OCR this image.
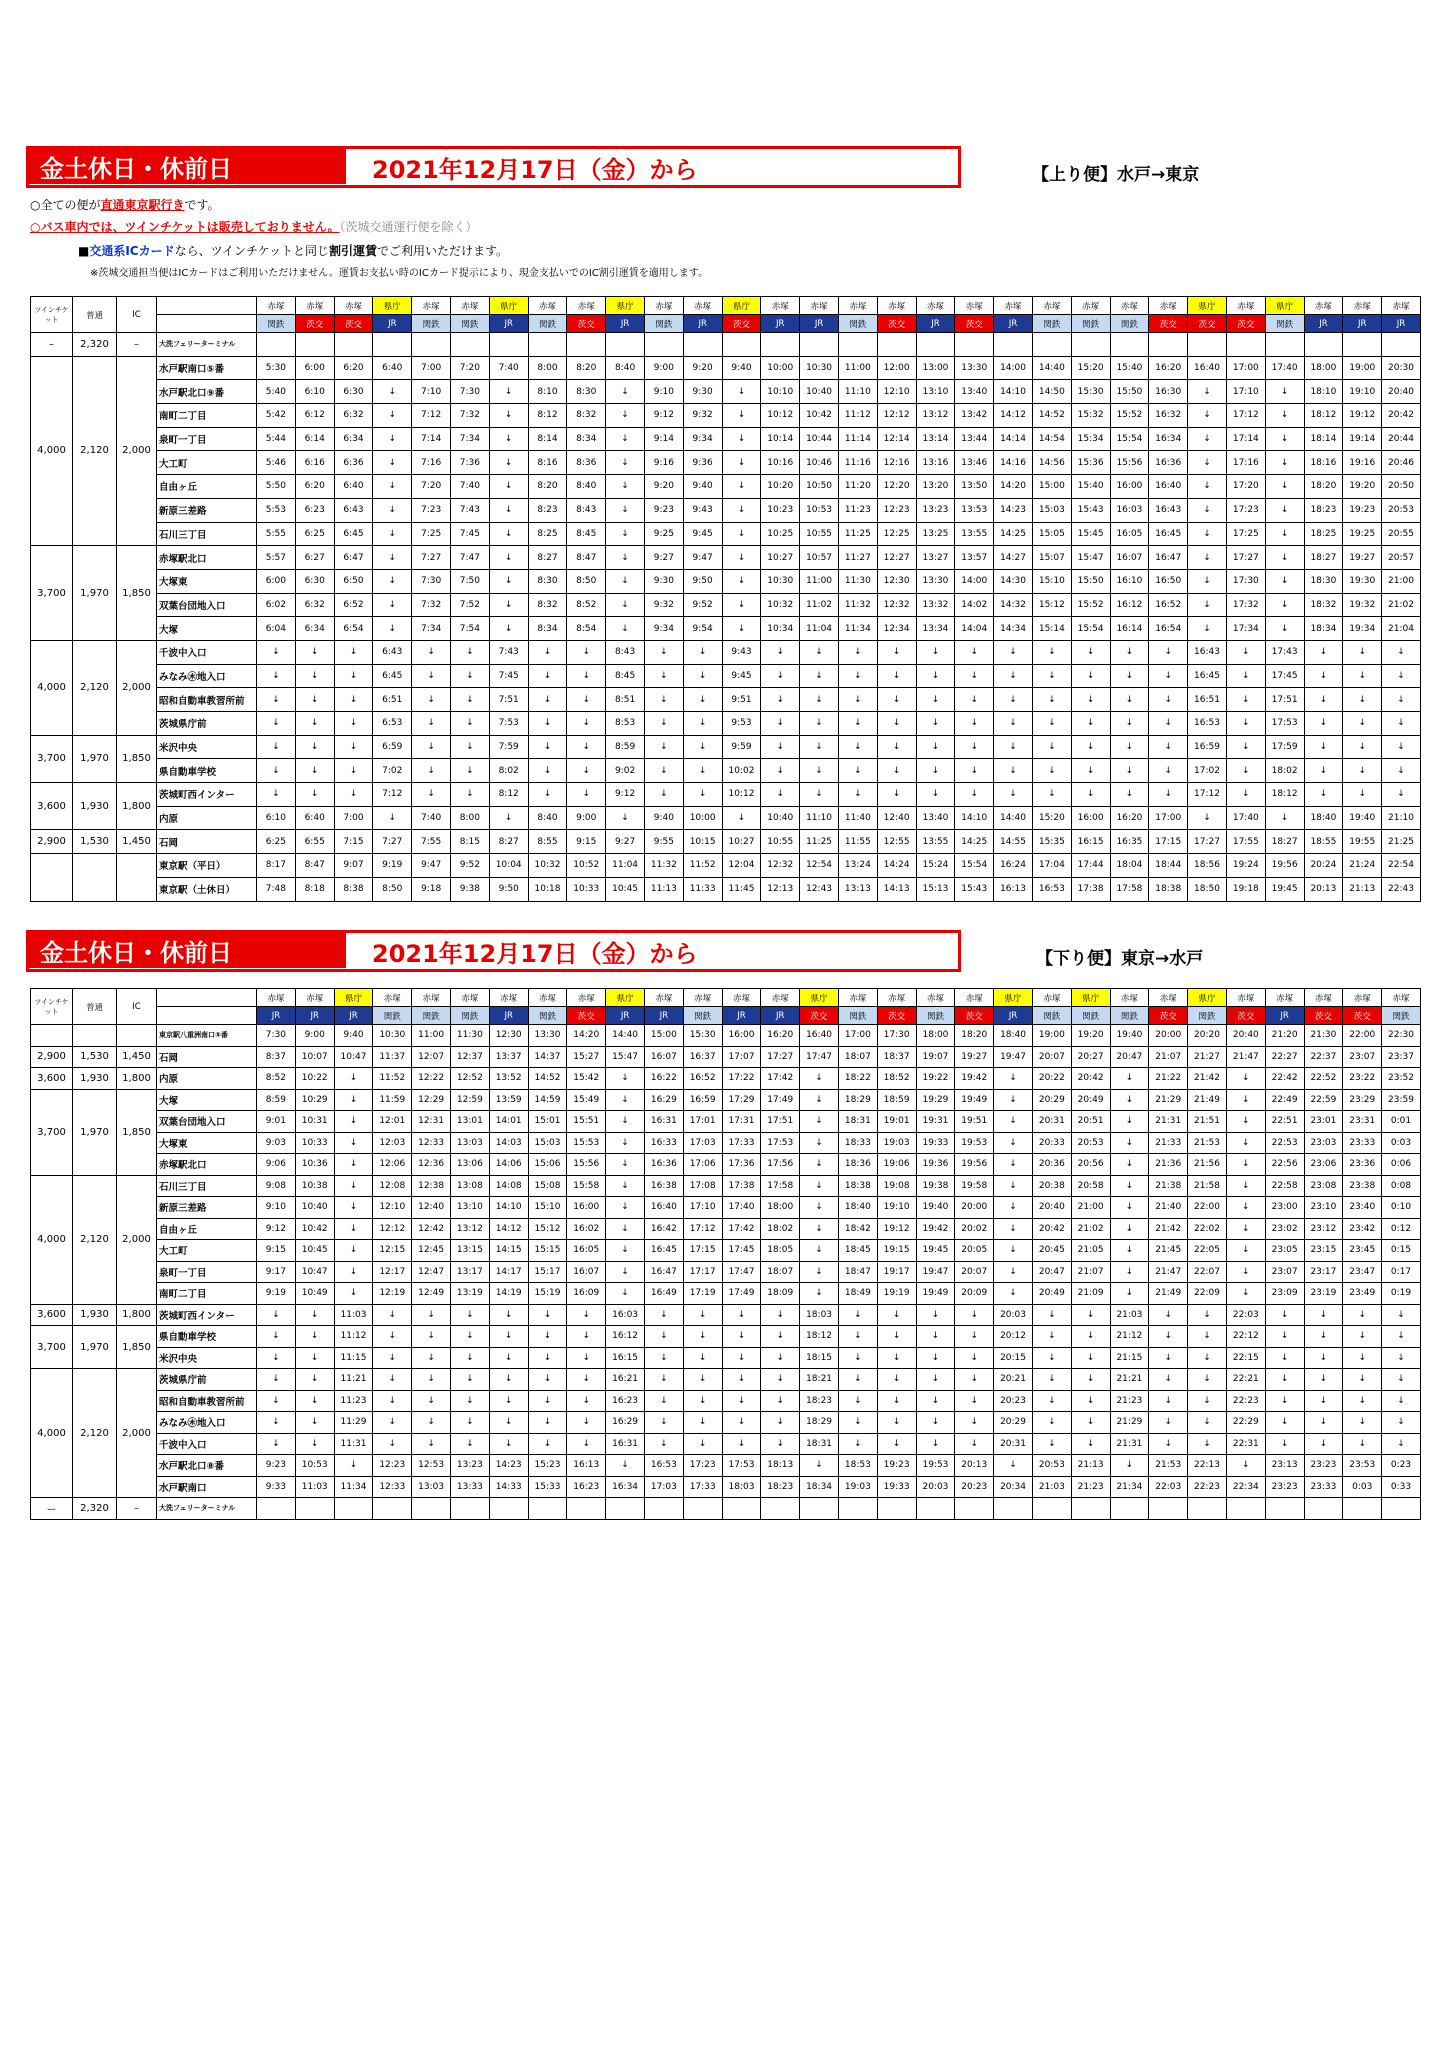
金土休日・休前日	2021年12月17日（金）から	【上り便】水戸→東京
○全ての便が直通東京駅行きです。
○バス車内では、ツインチケットは販売しておりません。（茨城交通運行便を除く）
■交通系ICカードなら、ツインチケットと同じ割引運賃でご利用いただけます。
※茨城交通担当便はICカードはご利用いただけません。運賃お支払い時のICカード提示により、現金支払いでのIC割引運賃を適用します。
ツインチケット	普通	IC		赤塚	赤塚	赤塚	県庁	赤塚	赤塚	県庁	赤塚	赤塚	県庁	赤塚	赤塚	県庁	赤塚	赤塚	赤塚	赤塚	赤塚	赤塚	赤塚	赤塚	赤塚	赤塚	赤塚	県庁	赤塚	県庁	赤塚	赤塚	赤塚
				関鉄	茨交	茨交	JR	関鉄	関鉄	JR	関鉄	茨交	JR	関鉄	JR	茨交	JR	JR	関鉄	茨交	JR	茨交	JR	関鉄	関鉄	関鉄	茨交	茨交	茨交	関鉄	JR	JR	JR
–	2,320	–	大洗フェリーターミナル																														
4,000	2,120	2,000	水戸駅南口⑤番	5:30	6:00	6:20	6:40	7:00	7:20	7:40	8:00	8:20	8:40	9:00	9:20	9:40	10:00	10:30	11:00	12:00	13:00	13:30	14:00	14:40	15:20	15:40	16:20	16:40	17:00	17:40	18:00	19:00	20:30
			水戸駅北口⑨番	5:40	6:10	6:30	↓	7:10	7:30	↓	8:10	8:30	↓	9:10	9:30	↓	10:10	10:40	11:10	12:10	13:10	13:40	14:10	14:50	15:30	15:50	16:30	↓	17:10	↓	18:10	19:10	20:40
			南町二丁目	5:42	6:12	6:32	↓	7:12	7:32	↓	8:12	8:32	↓	9:12	9:32	↓	10:12	10:42	11:12	12:12	13:12	13:42	14:12	14:52	15:32	15:52	16:32	↓	17:12	↓	18:12	19:12	20:42
			泉町一丁目	5:44	6:14	6:34	↓	7:14	7:34	↓	8:14	8:34	↓	9:14	9:34	↓	10:14	10:44	11:14	12:14	13:14	13:44	14:14	14:54	15:34	15:54	16:34	↓	17:14	↓	18:14	19:14	20:44
			大工町	5:46	6:16	6:36	↓	7:16	7:36	↓	8:16	8:36	↓	9:16	9:36	↓	10:16	10:46	11:16	12:16	13:16	13:46	14:16	14:56	15:36	15:56	16:36	↓	17:16	↓	18:16	19:16	20:46
			自由ヶ丘	5:50	6:20	6:40	↓	7:20	7:40	↓	8:20	8:40	↓	9:20	9:40	↓	10:20	10:50	11:20	12:20	13:20	13:50	14:20	15:00	15:40	16:00	16:40	↓	17:20	↓	18:20	19:20	20:50
			新原三差路	5:53	6:23	6:43	↓	7:23	7:43	↓	8:23	8:43	↓	9:23	9:43	↓	10:23	10:53	11:23	12:23	13:23	13:53	14:23	15:03	15:43	16:03	16:43	↓	17:23	↓	18:23	19:23	20:53
			石川三丁目	5:55	6:25	6:45	↓	7:25	7:45	↓	8:25	8:45	↓	9:25	9:45	↓	10:25	10:55	11:25	12:25	13:25	13:55	14:25	15:05	15:45	16:05	16:45	↓	17:25	↓	18:25	19:25	20:55
3,700	1,970	1,850	赤塚駅北口	5:57	6:27	6:47	↓	7:27	7:47	↓	8:27	8:47	↓	9:27	9:47	↓	10:27	10:57	11:27	12:27	13:27	13:57	14:27	15:07	15:47	16:07	16:47	↓	17:27	↓	18:27	19:27	20:57
			大塚東	6:00	6:30	6:50	↓	7:30	7:50	↓	8:30	8:50	↓	9:30	9:50	↓	10:30	11:00	11:30	12:30	13:30	14:00	14:30	15:10	15:50	16:10	16:50	↓	17:30	↓	18:30	19:30	21:00
			双葉台団地入口	6:02	6:32	6:52	↓	7:32	7:52	↓	8:32	8:52	↓	9:32	9:52	↓	10:32	11:02	11:32	12:32	13:32	14:02	14:32	15:12	15:52	16:12	16:52	↓	17:32	↓	18:32	19:32	21:02
			大塚	6:04	6:34	6:54	↓	7:34	7:54	↓	8:34	8:54	↓	9:34	9:54	↓	10:34	11:04	11:34	12:34	13:34	14:04	14:34	15:14	15:54	16:14	16:54	↓	17:34	↓	18:34	19:34	21:04
4,000	2,120	2,000	千波中入口	↓	↓	↓	6:43	↓	↓	7:43	↓	↓	8:43	↓	↓	9:43	↓	↓	↓	↓	↓	↓	↓	↓	↓	↓	↓	16:43	↓	17:43	↓	↓	↓
			みなみ㊍地入口	↓	↓	↓	6:45	↓	↓	7:45	↓	↓	8:45	↓	↓	9:45	↓	↓	↓	↓	↓	↓	↓	↓	↓	↓	↓	16:45	↓	17:45	↓	↓	↓
			昭和自動車教習所前	↓	↓	↓	6:51	↓	↓	7:51	↓	↓	8:51	↓	↓	9:51	↓	↓	↓	↓	↓	↓	↓	↓	↓	↓	↓	16:51	↓	17:51	↓	↓	↓
			茨城県庁前	↓	↓	↓	6:53	↓	↓	7:53	↓	↓	8:53	↓	↓	9:53	↓	↓	↓	↓	↓	↓	↓	↓	↓	↓	↓	16:53	↓	17:53	↓	↓	↓
3,700	1,970	1,850	米沢中央	↓	↓	↓	6:59	↓	↓	7:59	↓	↓	8:59	↓	↓	9:59	↓	↓	↓	↓	↓	↓	↓	↓	↓	↓	↓	16:59	↓	17:59	↓	↓	↓
			県自動車学校	↓	↓	↓	7:02	↓	↓	8:02	↓	↓	9:02	↓	↓	10:02	↓	↓	↓	↓	↓	↓	↓	↓	↓	↓	↓	17:02	↓	18:02	↓	↓	↓
3,600	1,930	1,800	茨城町西インター	↓	↓	↓	7:12	↓	↓	8:12	↓	↓	9:12	↓	↓	10:12	↓	↓	↓	↓	↓	↓	↓	↓	↓	↓	↓	17:12	↓	18:12	↓	↓	↓
			内原	6:10	6:40	7:00	↓	7:40	8:00	↓	8:40	9:00	↓	9:40	10:00	↓	10:40	11:10	11:40	12:40	13:40	14:10	14:40	15:20	16:00	16:20	17:00	↓	17:40	↓	18:40	19:40	21:10
2,900	1,530	1,450	石岡	6:25	6:55	7:15	7:27	7:55	8:15	8:27	8:55	9:15	9:27	9:55	10:15	10:27	10:55	11:25	11:55	12:55	13:55	14:25	14:55	15:35	16:15	16:35	17:15	17:27	17:55	18:27	18:55	19:55	21:25
			東京駅（平日）	8:17	8:47	9:07	9:19	9:47	9:52	10:04	10:32	10:52	11:04	11:32	11:52	12:04	12:32	12:54	13:24	14:24	15:24	15:54	16:24	17:04	17:44	18:04	18:44	18:56	19:24	19:56	20:24	21:24	22:54
			東京駅（土休日）	7:48	8:18	8:38	8:50	9:18	9:38	9:50	10:18	10:33	10:45	11:13	11:33	11:45	12:13	12:43	13:13	14:13	15:13	15:43	16:13	16:53	17:38	17:58	18:38	18:50	19:18	19:45	20:13	21:13	22:43
金土休日・休前日	2021年12月17日（金）から	【下り便】東京→水戸
ツインチケット	普通	IC		赤塚	赤塚	県庁	赤塚	赤塚	赤塚	赤塚	赤塚	赤塚	県庁	赤塚	赤塚	赤塚	赤塚	県庁	赤塚	赤塚	赤塚	赤塚	県庁	赤塚	県庁	赤塚	赤塚	県庁	赤塚	赤塚	赤塚	赤塚	赤塚
				JR	JR	JR	関鉄	関鉄	関鉄	JR	関鉄	茨交	JR	JR	関鉄	JR	JR	茨交	関鉄	茨交	関鉄	茨交	JR	関鉄	関鉄	関鉄	茨交	関鉄	茨交	JR	茨交	茨交	関鉄
			東京駅八重洲南口⑤番	7:30	9:00	9:40	10:30	11:00	11:30	12:30	13:30	14:20	14:40	15:00	15:30	16:00	16:20	16:40	17:00	17:30	18:00	18:20	18:40	19:00	19:20	19:40	20:00	20:20	20:40	21:20	21:30	22:00	22:30
2,900	1,530	1,450	石岡	8:37	10:07	10:47	11:37	12:07	12:37	13:37	14:37	15:27	15:47	16:07	16:37	17:07	17:27	17:47	18:07	18:37	19:07	19:27	19:47	20:07	20:27	20:47	21:07	21:27	21:47	22:27	22:37	23:07	23:37
3,600	1,930	1,800	内原	8:52	10:22	↓	11:52	12:22	12:52	13:52	14:52	15:42	↓	16:22	16:52	17:22	17:42	↓	18:22	18:52	19:22	19:42	↓	20:22	20:42	↓	21:22	21:42	↓	22:42	22:52	23:22	23:52
3,700	1,970	1,850	大塚	8:59	10:29	↓	11:59	12:29	12:59	13:59	14:59	15:49	↓	16:29	16:59	17:29	17:49	↓	18:29	18:59	19:29	19:49	↓	20:29	20:49	↓	21:29	21:49	↓	22:49	22:59	23:29	23:59
			双葉台団地入口	9:01	10:31	↓	12:01	12:31	13:01	14:01	15:01	15:51	↓	16:31	17:01	17:31	17:51	↓	18:31	19:01	19:31	19:51	↓	20:31	20:51	↓	21:31	21:51	↓	22:51	23:01	23:31	0:01
			大塚東	9:03	10:33	↓	12:03	12:33	13:03	14:03	15:03	15:53	↓	16:33	17:03	17:33	17:53	↓	18:33	19:03	19:33	19:53	↓	20:33	20:53	↓	21:33	21:53	↓	22:53	23:03	23:33	0:03
			赤塚駅北口	9:06	10:36	↓	12:06	12:36	13:06	14:06	15:06	15:56	↓	16:36	17:06	17:36	17:56	↓	18:36	19:06	19:36	19:56	↓	20:36	20:56	↓	21:36	21:56	↓	22:56	23:06	23:36	0:06
4,000	2,120	2,000	石川三丁目	9:08	10:38	↓	12:08	12:38	13:08	14:08	15:08	15:58	↓	16:38	17:08	17:38	17:58	↓	18:38	19:08	19:38	19:58	↓	20:38	20:58	↓	21:38	21:58	↓	22:58	23:08	23:38	0:08
			新原三差路	9:10	10:40	↓	12:10	12:40	13:10	14:10	15:10	16:00	↓	16:40	17:10	17:40	18:00	↓	18:40	19:10	19:40	20:00	↓	20:40	21:00	↓	21:40	22:00	↓	23:00	23:10	23:40	0:10
			自由ヶ丘	9:12	10:42	↓	12:12	12:42	13:12	14:12	15:12	16:02	↓	16:42	17:12	17:42	18:02	↓	18:42	19:12	19:42	20:02	↓	20:42	21:02	↓	21:42	22:02	↓	23:02	23:12	23:42	0:12
			大工町	9:15	10:45	↓	12:15	12:45	13:15	14:15	15:15	16:05	↓	16:45	17:15	17:45	18:05	↓	18:45	19:15	19:45	20:05	↓	20:45	21:05	↓	21:45	22:05	↓	23:05	23:15	23:45	0:15
			泉町一丁目	9:17	10:47	↓	12:17	12:47	13:17	14:17	15:17	16:07	↓	16:47	17:17	17:47	18:07	↓	18:47	19:17	19:47	20:07	↓	20:47	21:07	↓	21:47	22:07	↓	23:07	23:17	23:47	0:17
			南町二丁目	9:19	10:49	↓	12:19	12:49	13:19	14:19	15:19	16:09	↓	16:49	17:19	17:49	18:09	↓	18:49	19:19	19:49	20:09	↓	20:49	21:09	↓	21:49	22:09	↓	23:09	23:19	23:49	0:19
3,600	1,930	1,800	茨城町西インター	↓	↓	11:03	↓	↓	↓	↓	↓	↓	16:03	↓	↓	↓	↓	18:03	↓	↓	↓	↓	20:03	↓	↓	21:03	↓	↓	22:03	↓	↓	↓	↓
3,700	1,970	1,850	県自動車学校	↓	↓	11:12	↓	↓	↓	↓	↓	↓	16:12	↓	↓	↓	↓	18:12	↓	↓	↓	↓	20:12	↓	↓	21:12	↓	↓	22:12	↓	↓	↓	↓
			米沢中央	↓	↓	11:15	↓	↓	↓	↓	↓	↓	16:15	↓	↓	↓	↓	18:15	↓	↓	↓	↓	20:15	↓	↓	21:15	↓	↓	22:15	↓	↓	↓	↓
4,000	2,120	2,000	茨城県庁前	↓	↓	11:21	↓	↓	↓	↓	↓	↓	16:21	↓	↓	↓	↓	18:21	↓	↓	↓	↓	20:21	↓	↓	21:21	↓	↓	22:21	↓	↓	↓	↓
			昭和自動車教習所前	↓	↓	11:23	↓	↓	↓	↓	↓	↓	16:23	↓	↓	↓	↓	18:23	↓	↓	↓	↓	20:23	↓	↓	21:23	↓	↓	22:23	↓	↓	↓	↓
			みなみ㊍地入口	↓	↓	11:29	↓	↓	↓	↓	↓	↓	16:29	↓	↓	↓	↓	18:29	↓	↓	↓	↓	20:29	↓	↓	21:29	↓	↓	22:29	↓	↓	↓	↓
			千波中入口	↓	↓	11:31	↓	↓	↓	↓	↓	↓	16:31	↓	↓	↓	↓	18:31	↓	↓	↓	↓	20:31	↓	↓	21:31	↓	↓	22:31	↓	↓	↓	↓
			水戸駅北口⑧番	9:23	10:53	↓	12:23	12:53	13:23	14:23	15:23	16:13	↓	16:53	17:23	17:53	18:13	↓	18:53	19:23	19:53	20:13	↓	20:53	21:13	↓	21:53	22:13	↓	23:13	23:23	23:53	0:23
			水戸駅南口	9:33	11:03	11:34	12:33	13:03	13:33	14:33	15:33	16:23	16:34	17:03	17:33	18:03	18:23	18:34	19:03	19:33	20:03	20:23	20:34	21:03	21:23	21:34	22:03	22:23	22:34	23:23	23:33	0:03	0:33
ー	2,320	–	大洗フェリーターミナル																														
